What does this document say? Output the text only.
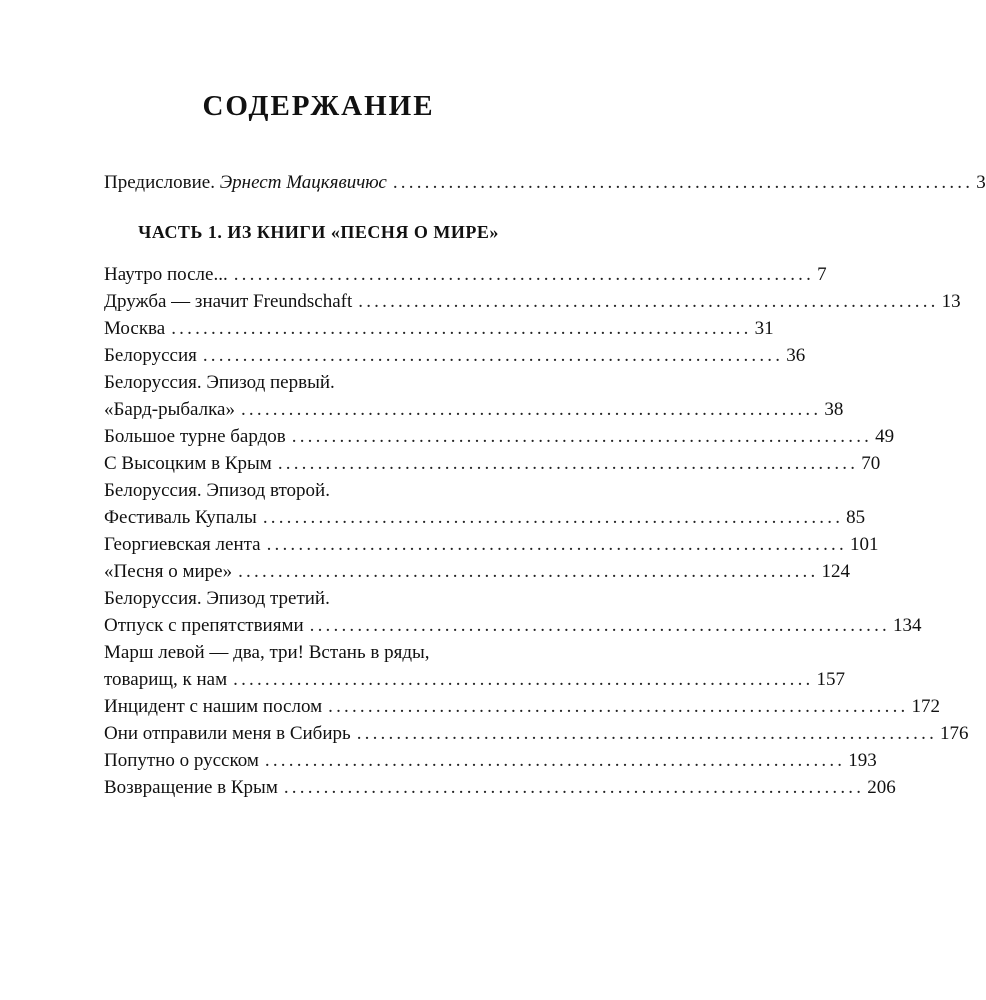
СОДЕРЖАНИЕ
Предисловие. Эрнест Мацкявичюс ......................................................................... 3
ЧАСТЬ 1. ИЗ КНИГИ «ПЕСНЯ О МИРЕ»
Наутро после... ......................................................................... 7
Дружба — значит Freundschaft ......................................................................... 13
Москва ......................................................................... 31
Белоруссия ......................................................................... 36
Белоруссия. Эпизод первый.
«Бард-рыбалка» ......................................................................... 38
Большое турне бардов ......................................................................... 49
С Высоцким в Крым ......................................................................... 70
Белоруссия. Эпизод второй.
Фестиваль Купалы ......................................................................... 85
Георгиевская лента ......................................................................... 101
«Песня о мире» ......................................................................... 124
Белоруссия. Эпизод третий.
Отпуск с препятствиями ......................................................................... 134
Марш левой — два, три! Встань в ряды,
товарищ, к нам ......................................................................... 157
Инцидент с нашим послом ......................................................................... 172
Они отправили меня в Сибирь ......................................................................... 176
Попутно о русском ......................................................................... 193
Возвращение в Крым ......................................................................... 206
